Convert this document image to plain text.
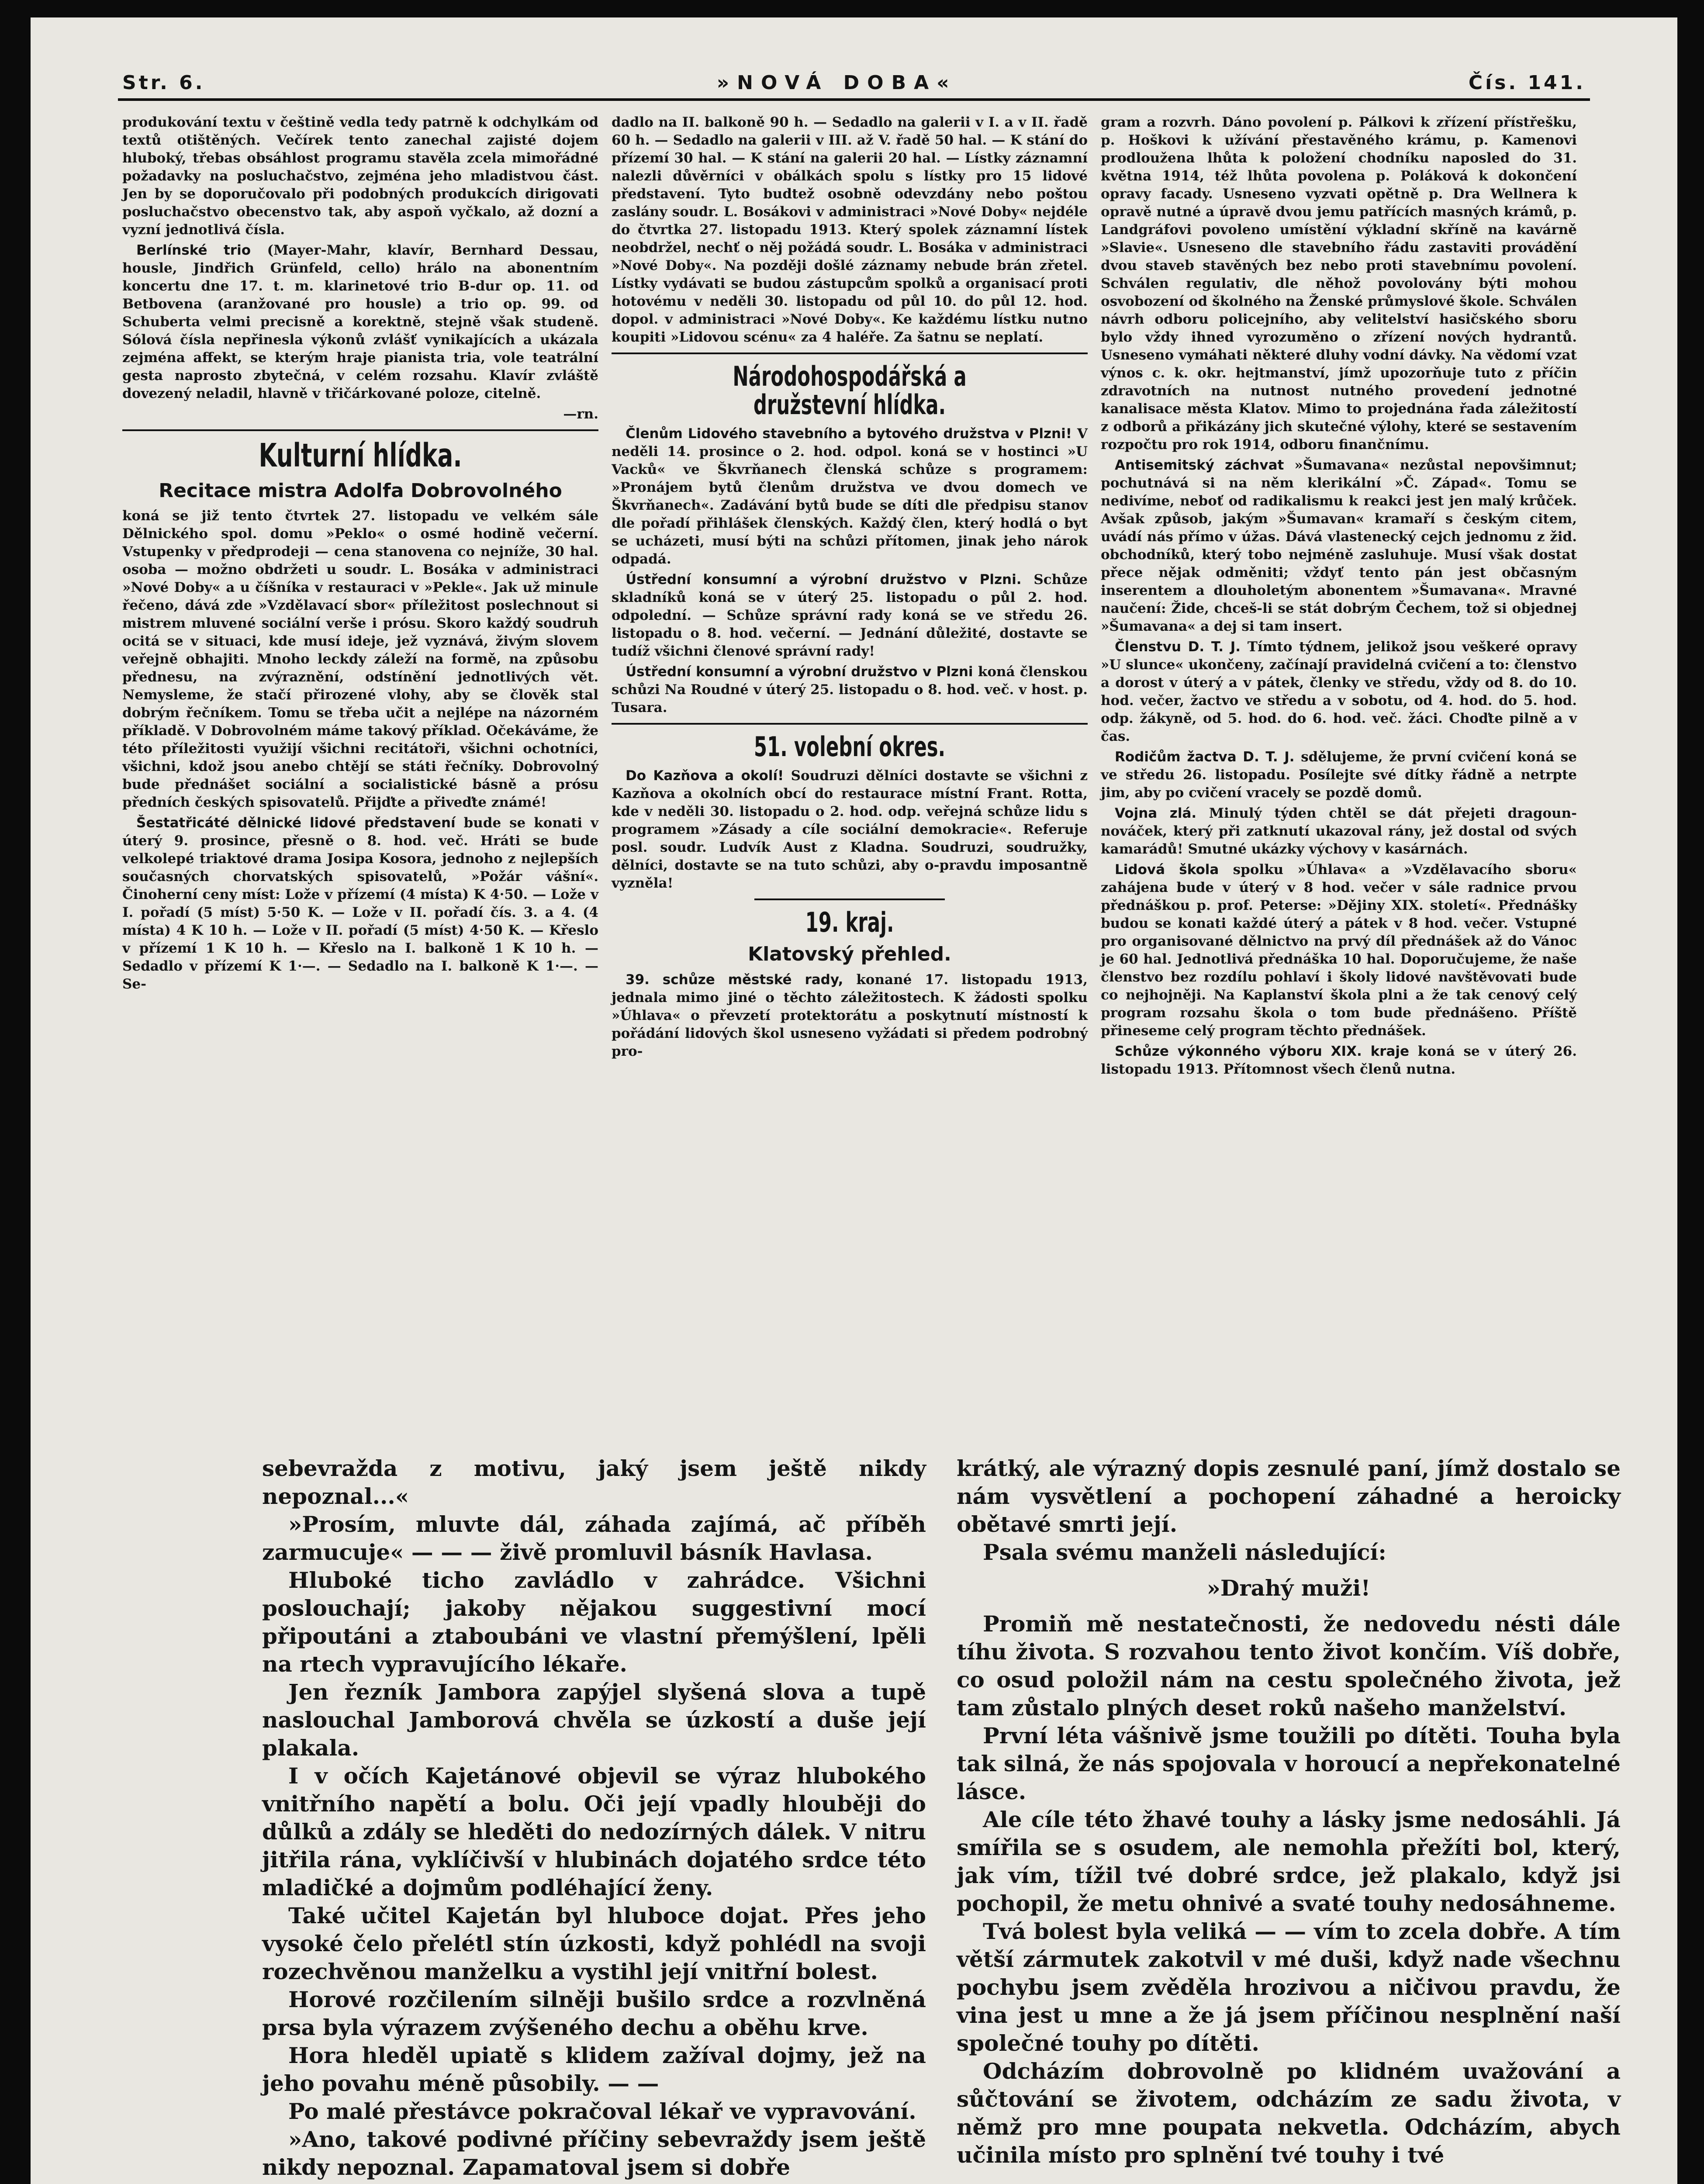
Str. 6.	»NOVÁ DOBA«	Čís. 141.

produkování textu v češtině vedla tedy patrně k odchylkám od textů otištěných. Večírek tento zanechal zajisté dojem hluboký, třebas obsáhlost programu stavěla zcela mimořádné požadavky na posluchačstvo, zejména jeho mladistvou část. Jen by se doporučovalo při podobných produkcích dirigovati posluchačstvo obecenstvo tak, aby aspoň vyčkalo, až dozní a vyzní jednotlivá čísla.

Berlínské trio (Mayer-Mahr, klavír, Bernhard Dessau, housle, Jindřich Grünfeld, cello) hrálo na abonentním koncertu dne 17. t. m. klarinetové trio B-dur op. 11. od Betbovena (aranžované pro housle) a trio op. 99. od Schuberta velmi precisně a korektně, stejně však studeně. Sólová čísla nepřinesla výkonů zvlášť vynikajících a ukázala zejména affekt, se kterým hraje pianista tria, vole teatrální gesta naprosto zbytečná, v celém rozsahu. Klavír zvláště dovezený neladil, hlavně v třičárkované poloze, citelně.

—rn.

Kulturní hlídka.
Recitace mistra Adolfa Dobrovolného

koná se již tento čtvrtek 27. listopadu ve velkém sále Dělnického spol. domu »Peklo« o osmé hodině večerní. Vstupenky v předprodeji — cena stanovena co nejníže, 30 hal. osoba — možno obdržeti u soudr. L. Bosáka v administraci »Nové Doby« a u číšníka v restauraci v »Pekle«. Jak už minule řečeno, dává zde »Vzdělavací sbor« příležitost poslechnout si mistrem mluvené sociální verše i prósu. Skoro každý soudruh ocitá se v situaci, kde musí ideje, jež vyznává, živým slovem veřejně obhajiti. Mnoho leckdy záleží na formě, na způsobu přednesu, na zvýraznění, odstínění jednotlivých vět. Nemysleme, že stačí přirozené vlohy, aby se člověk stal dobrým řečníkem. Tomu se třeba učit a nejlépe na názorném příkladě. V Dobrovolném máme takový příklad. Očekáváme, že této příležitosti využijí všichni recitátoři, všichni ochotníci, všichni, kdož jsou anebo chtějí se státi řečníky. Dobrovolný bude přednášet sociální a socialistické básně a prósu předních českých spisovatelů. Přijďte a přiveďte známé!

Šestatřicáté dělnické lidové představení bude se konati v úterý 9. prosince, přesně o 8. hod. več. Hráti se bude velkolepé triaktové drama Josipa Kosora, jednoho z nejlepších současných chorvatských spisovatelů, »Požár vášní«. Činoherní ceny míst: Lože v přízemí (4 místa) K 4·50. — Lože v I. pořadí (5 míst) 5·50 K. — Lože v II. pořadí čís. 3. a 4. (4 místa) 4 K 10 h. — Lože v II. pořadí (5 míst) 4·50 K. — Křeslo v přízemí 1 K 10 h. — Křeslo na I. balkoně 1 K 10 h. — Sedadlo v přízemí K 1·—. — Sedadlo na I. balkoně K 1·—. — Se-

dadlo na II. balkoně 90 h. — Sedadlo na galerii v I. a v II. řadě 60 h. — Sedadlo na galerii v III. až V. řadě 50 hal. — K stání do přízemí 30 hal. — K stání na galerii 20 hal. — Lístky záznamní nalezli důvěrníci v obálkách spolu s lístky pro 15 lidové představení. Tyto budtež osobně odevzdány nebo poštou zaslány soudr. L. Bosákovi v administraci »Nové Doby« nejdéle do čtvrtka 27. listopadu 1913. Který spolek záznamní lístek neobdržel, nechť o něj požádá soudr. L. Bosáka v administraci »Nové Doby«. Na později došlé záznamy nebude brán zřetel. Lístky vydávati se budou zástupcům spolků a organisací proti hotovému v neděli 30. listopadu od půl 10. do půl 12. hod. dopol. v administraci »Nové Doby«. Ke každému lístku nutno koupiti »Lidovou scénu« za 4 haléře. Za šatnu se neplatí.

Národohospodářská a družstevní hlídka.

Členům Lidového stavebního a bytového družstva v Plzni! V neděli 14. prosince o 2. hod. odpol. koná se v hostinci »U Vacků« ve Škvrňanech členská schůze s programem: »Pronájem bytů členům družstva ve dvou domech ve Škvrňanech«. Zadávání bytů bude se díti dle předpisu stanov dle pořadí přihlášek členských. Každý člen, který hodlá o byt se ucházeti, musí býti na schůzi přítomen, jinak jeho nárok odpadá.

Ústřední konsumní a výrobní družstvo v Plzni. Schůze skladníků koná se v úterý 25. listopadu o půl 2. hod. odpolední. — Schůze správní rady koná se ve středu 26. listopadu o 8. hod. večerní. — Jednání důležité, dostavte se tudíž všichni členové správní rady!

Ústřední konsumní a výrobní družstvo v Plzni koná členskou schůzi Na Roudné v úterý 25. listopadu o 8. hod. več. v host. p. Tusara.

51. volební okres.

Do Kazňova a okolí! Soudruzi dělníci dostavte se všichni z Kazňova a okolních obcí do restaurace místní Frant. Rotta, kde v neděli 30. listopadu o 2. hod. odp. veřejná schůze lidu s programem »Zásady a cíle sociální demokracie«. Referuje posl. soudr. Ludvík Aust z Kladna. Soudruzi, soudružky, dělníci, dostavte se na tuto schůzi, aby o-pravdu imposantně vyzněla!

19. kraj.
Klatovský přehled.

39. schůze městské rady, konané 17. listopadu 1913, jednala mimo jiné o těchto záležitostech. K žádosti spolku »Úhlava« o převzetí protektorátu a poskytnutí místností k pořádání lidových škol usneseno vyžádati si předem podrobný pro-

gram a rozvrh. Dáno povolení p. Pálkovi k zřízení přístřešku, p. Hoškovi k užívání přestavěného krámu, p. Kamenovi prodloužena lhůta k položení chodníku naposled do 31. května 1914, též lhůta povolena p. Poláková k dokončení opravy facady. Usneseno vyzvati opětně p. Dra Wellnera k opravě nutné a úpravě dvou jemu patřících masných krámů, p. Landgráfovi povoleno umístění výkladní skříně na kavárně »Slavie«. Usneseno dle stavebního řádu zastaviti provádění dvou staveb stavěných bez nebo proti stavebnímu povolení. Schválen regulativ, dle něhož povolovány býti mohou osvobození od školného na Ženské průmyslové škole. Schválen návrh odboru policejního, aby velitelství hasičského sboru bylo vždy ihned vyrozuměno o zřízení nových hydrantů. Usneseno vymáhati některé dluhy vodní dávky. Na vědomí vzat výnos c. k. okr. hejtmanství, jímž upozorňuje tuto z příčin zdravotních na nutnost nutného provedení jednotné kanalisace města Klatov. Mimo to projednána řada záležitostí z odborů a přikázány jich skutečné výlohy, které se sestavením rozpočtu pro rok 1914, odboru finančnímu.

Antisemitský záchvat »Šumavana« nezůstal nepovšimnut; pochutnává si na něm klerikální »Č. Západ«. Tomu se nedivíme, neboť od radikalismu k reakci jest jen malý krůček. Avšak způsob, jakým »Šumavan« kramaří s českým citem, uvádí nás přímo v úžas. Dává vlastenecký cejch jednomu z žid. obchodníků, který tobo nejméně zasluhuje. Musí však dostat přece nějak odměniti; vždyť tento pán jest občasným inserentem a dlouholetým abonentem »Šumavana«. Mravné naučení: Žide, chceš-li se stát dobrým Čechem, tož si objednej »Šumavana« a dej si tam insert.

Členstvu D. T. J. Tímto týdnem, jelikož jsou veškeré opravy »U slunce« ukončeny, začínají pravidelná cvičení a to: členstvo a dorost v úterý a v pátek, členky ve středu, vždy od 8. do 10. hod. večer, žactvo ve středu a v sobotu, od 4. hod. do 5. hod. odp. žákyně, od 5. hod. do 6. hod. več. žáci. Choďte pilně a v čas.

Rodičům žactva D. T. J. sdělujeme, že první cvičení koná se ve středu 26. listopadu. Posílejte své dítky řádně a netrpte jim, aby po cvičení vracely se pozdě domů.

Vojna zlá. Minulý týden chtěl se dát přejeti dragoun-nováček, který při zatknutí ukazoval rány, jež dostal od svých kamarádů! Smutné ukázky výchovy v kasárnách.

Lidová škola spolku »Úhlava« a »Vzdělavacího sboru« zahájena bude v úterý v 8 hod. večer v sále radnice prvou přednáškou p. prof. Peterse: »Dějiny XIX. století«. Přednášky budou se konati každé úterý a pátek v 8 hod. večer. Vstupné pro organisované dělnictvo na prvý díl přednášek až do Vánoc je 60 hal. Jednotlivá přednáška 10 hal. Doporučujeme, že naše členstvo bez rozdílu pohlaví i školy lidové navštěvovati bude co nejhojněji. Na Kaplanství škola plni a že tak cenový celý program rozsahu škola o tom bude přednášeno. Příště přineseme celý program těchto přednášek.

Schůze výkonného výboru XIX. kraje koná se v úterý 26. listopadu 1913. Přítomnost všech členů nutna.

sebevražda z motivu, jaký jsem ještě nikdy nepoznal...«

»Prosím, mluvte dál, záhada zajímá, ač příběh zarmucuje« — — — živě promluvil básník Havlasa.

Hluboké ticho zavládlo v zahrádce. Všichni poslouchají; jakoby nějakou suggestivní mocí připoutáni a ztaboubáni ve vlastní přemýšlení, lpěli na rtech vypravujícího lékaře.

Jen řezník Jambora zapýjel slyšená slova a tupě naslouchal Jamborová chvěla se úzkostí a duše její plakala.

I v očích Kajetánové objevil se výraz hlubokého vnitřního napětí a bolu. Oči její vpadly hlouběji do důlků a zdály se hleděti do nedozírných dálek. V nitru jitřila rána, vyklíčivší v hlubinách dojatého srdce této mladičké a dojmům podléhající ženy.

Také učitel Kajetán byl hluboce dojat. Přes jeho vysoké čelo přelétl stín úzkosti, když pohlédl na svoji rozechvěnou manželku a vystihl její vnitřní bolest.

Horové rozčilením silněji bušilo srdce a rozvlněná prsa byla výrazem zvýšeného dechu a oběhu krve.

Hora hleděl upiatě s klidem zažíval dojmy, jež na jeho povahu méně působily. — —

Po malé přestávce pokračoval lékař ve vypravování.

»Ano, takové podivné příčiny sebevraždy jsem ještě nikdy nepoznal. Zapamatoval jsem si dobře

krátký, ale výrazný dopis zesnulé paní, jímž dostalo se nám vysvětlení a pochopení záhadné a heroicky obětavé smrti její.

Psala svému manželi následující:

»Drahý muži!

Promiň mě nestatečnosti, že nedovedu nésti dále tíhu života. S rozvahou tento život končím. Víš dobře, co osud položil nám na cestu společného života, jež tam zůstalo plných deset roků našeho manželství.

První léta vášnivě jsme toužili po dítěti. Touha byla tak silná, že nás spojovala v horoucí a nepřekonatelné lásce.

Ale cíle této žhavé touhy a lásky jsme nedosáhli. Já smířila se s osudem, ale nemohla přežíti bol, který, jak vím, tížil tvé dobré srdce, jež plakalo, když jsi pochopil, že metu ohnivé a svaté touhy nedosáhneme.

Tvá bolest byla veliká — — vím to zcela dobře. A tím větší zármutek zakotvil v mé duši, když nade všechnu pochybu jsem zvěděla hrozivou a ničivou pravdu, že vina jest u mne a že já jsem příčinou nesplnění naší společné touhy po dítěti.

Odcházím dobrovolně po klidném uvažování a sůčtování se životem, odcházím ze sadu života, v němž pro mne poupata nekvetla. Odcházím, abych učinila místo pro splnění tvé touhy i tvé
